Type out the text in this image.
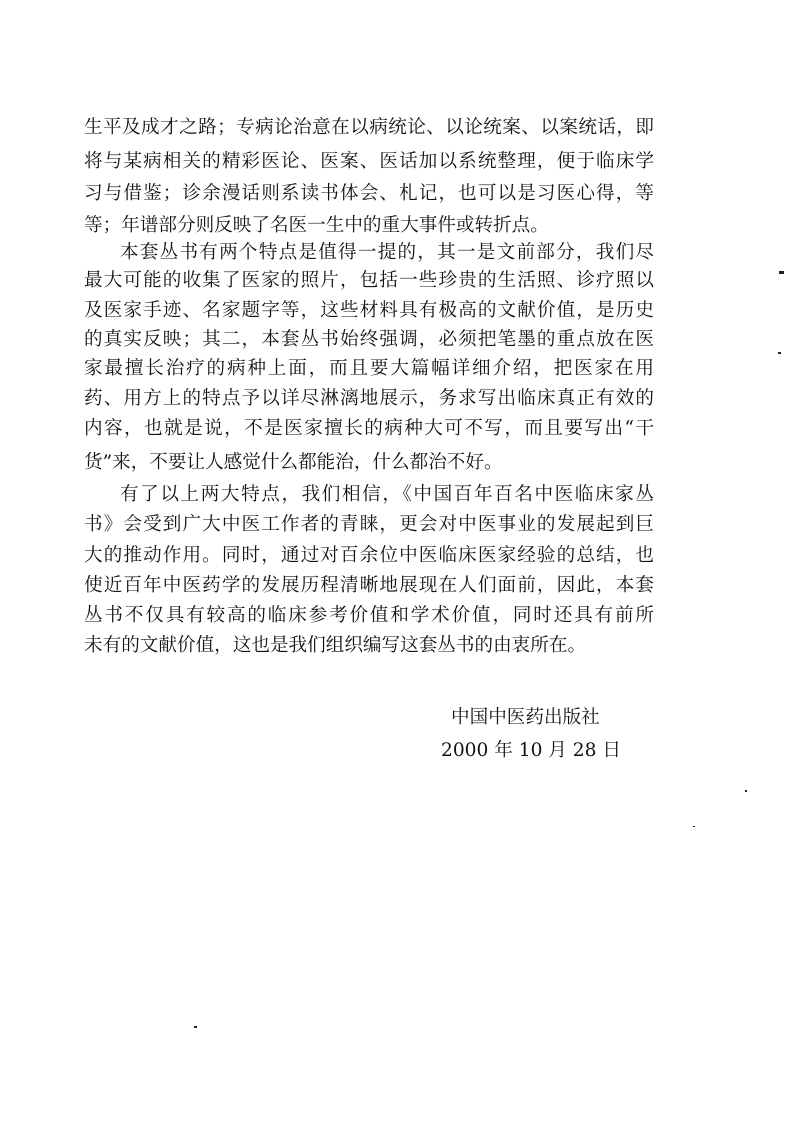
生平及成才之路；专病论治意在以病统论、以论统案、以案统话，即
将与某病相关的精彩医论、医案、医话加以系统整理，便于临床学
习与借鉴；诊余漫话则系读书体会、札记，也可以是习医心得，等
等；年谱部分则反映了名医一生中的重大事件或转折点。
本套丛书有两个特点是值得一提的，其一是文前部分，我们尽
最大可能的收集了医家的照片，包括一些珍贵的生活照、诊疗照以
及医家手迹、名家题字等，这些材料具有极高的文献价值，是历史
的真实反映；其二，本套丛书始终强调，必须把笔墨的重点放在医
家最擅长治疗的病种上面，而且要大篇幅详细介绍，把医家在用
药、用方上的特点予以详尽淋漓地展示，务求写出临床真正有效的
内容，也就是说，不是医家擅长的病种大可不写，而且要写出“干
货”来，不要让人感觉什么都能治，什么都治不好。
有了以上两大特点，我们相信，《中国百年百名中医临床家丛
书》会受到广大中医工作者的青睐，更会对中医事业的发展起到巨
大的推动作用。同时，通过对百余位中医临床医家经验的总结，也
使近百年中医药学的发展历程清晰地展现在人们面前，因此，本套
丛书不仅具有较高的临床参考价值和学术价值，同时还具有前所
未有的文献价值，这也是我们组织编写这套丛书的由衷所在。
中国中医药出版社
2000 年 10 月 28 日
